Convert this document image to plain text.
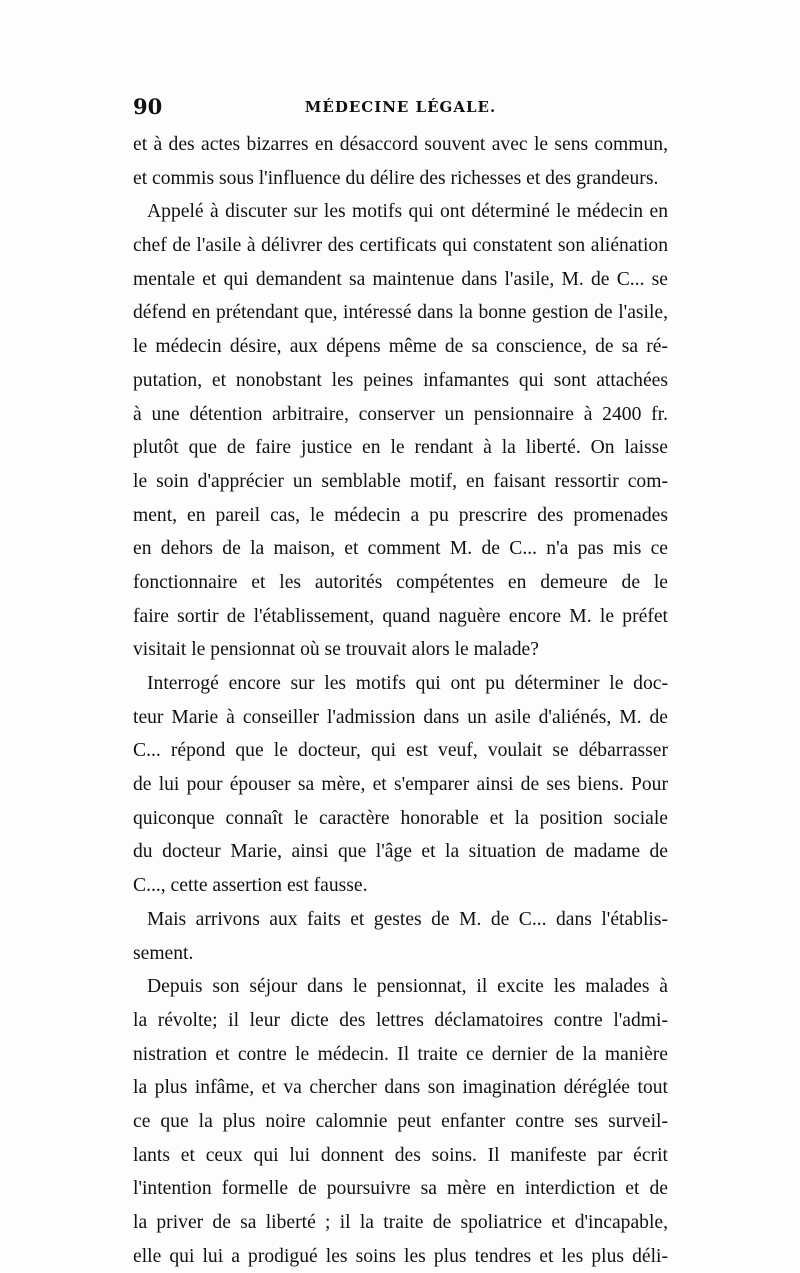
90	MÉDECINE LÉGALE.
et à des actes bizarres en désaccord souvent avec le sens commun,
et commis sous l'influence du délire des richesses et des grandeurs.
Appelé à discuter sur les motifs qui ont déterminé le médecin en
chef de l'asile à délivrer des certificats qui constatent son aliénation
mentale et qui demandent sa maintenue dans l'asile, M. de C... se
défend en prétendant que, intéressé dans la bonne gestion de l'asile,
le médecin désire, aux dépens même de sa conscience, de sa ré-
putation, et nonobstant les peines infamantes qui sont attachées
à une détention arbitraire, conserver un pensionnaire à 2400 fr.
plutôt que de faire justice en le rendant à la liberté. On laisse
le soin d'apprécier un semblable motif, en faisant ressortir com-
ment, en pareil cas, le médecin a pu prescrire des promenades
en dehors de la maison, et comment M. de C... n'a pas mis ce
fonctionnaire et les autorités compétentes en demeure de le
faire sortir de l'établissement, quand naguère encore M. le préfet
visitait le pensionnat où se trouvait alors le malade?
Interrogé encore sur les motifs qui ont pu déterminer le doc-
teur Marie à conseiller l'admission dans un asile d'aliénés, M. de
C... répond que le docteur, qui est veuf, voulait se débarrasser
de lui pour épouser sa mère, et s'emparer ainsi de ses biens. Pour
quiconque connaît le caractère honorable et la position sociale
du docteur Marie, ainsi que l'âge et la situation de madame de
C..., cette assertion est fausse.
Mais arrivons aux faits et gestes de M. de C... dans l'établis-
sement.
Depuis son séjour dans le pensionnat, il excite les malades à
la révolte; il leur dicte des lettres déclamatoires contre l'admi-
nistration et contre le médecin. Il traite ce dernier de la manière
la plus infâme, et va chercher dans son imagination déréglée tout
ce que la plus noire calomnie peut enfanter contre ses surveil-
lants et ceux qui lui donnent des soins. Il manifeste par écrit
l'intention formelle de poursuivre sa mère en interdiction et de
la priver de sa liberté ; il la traite de spoliatrice et d'incapable,
elle qui lui a prodigué les soins les plus tendres et les plus déli-
